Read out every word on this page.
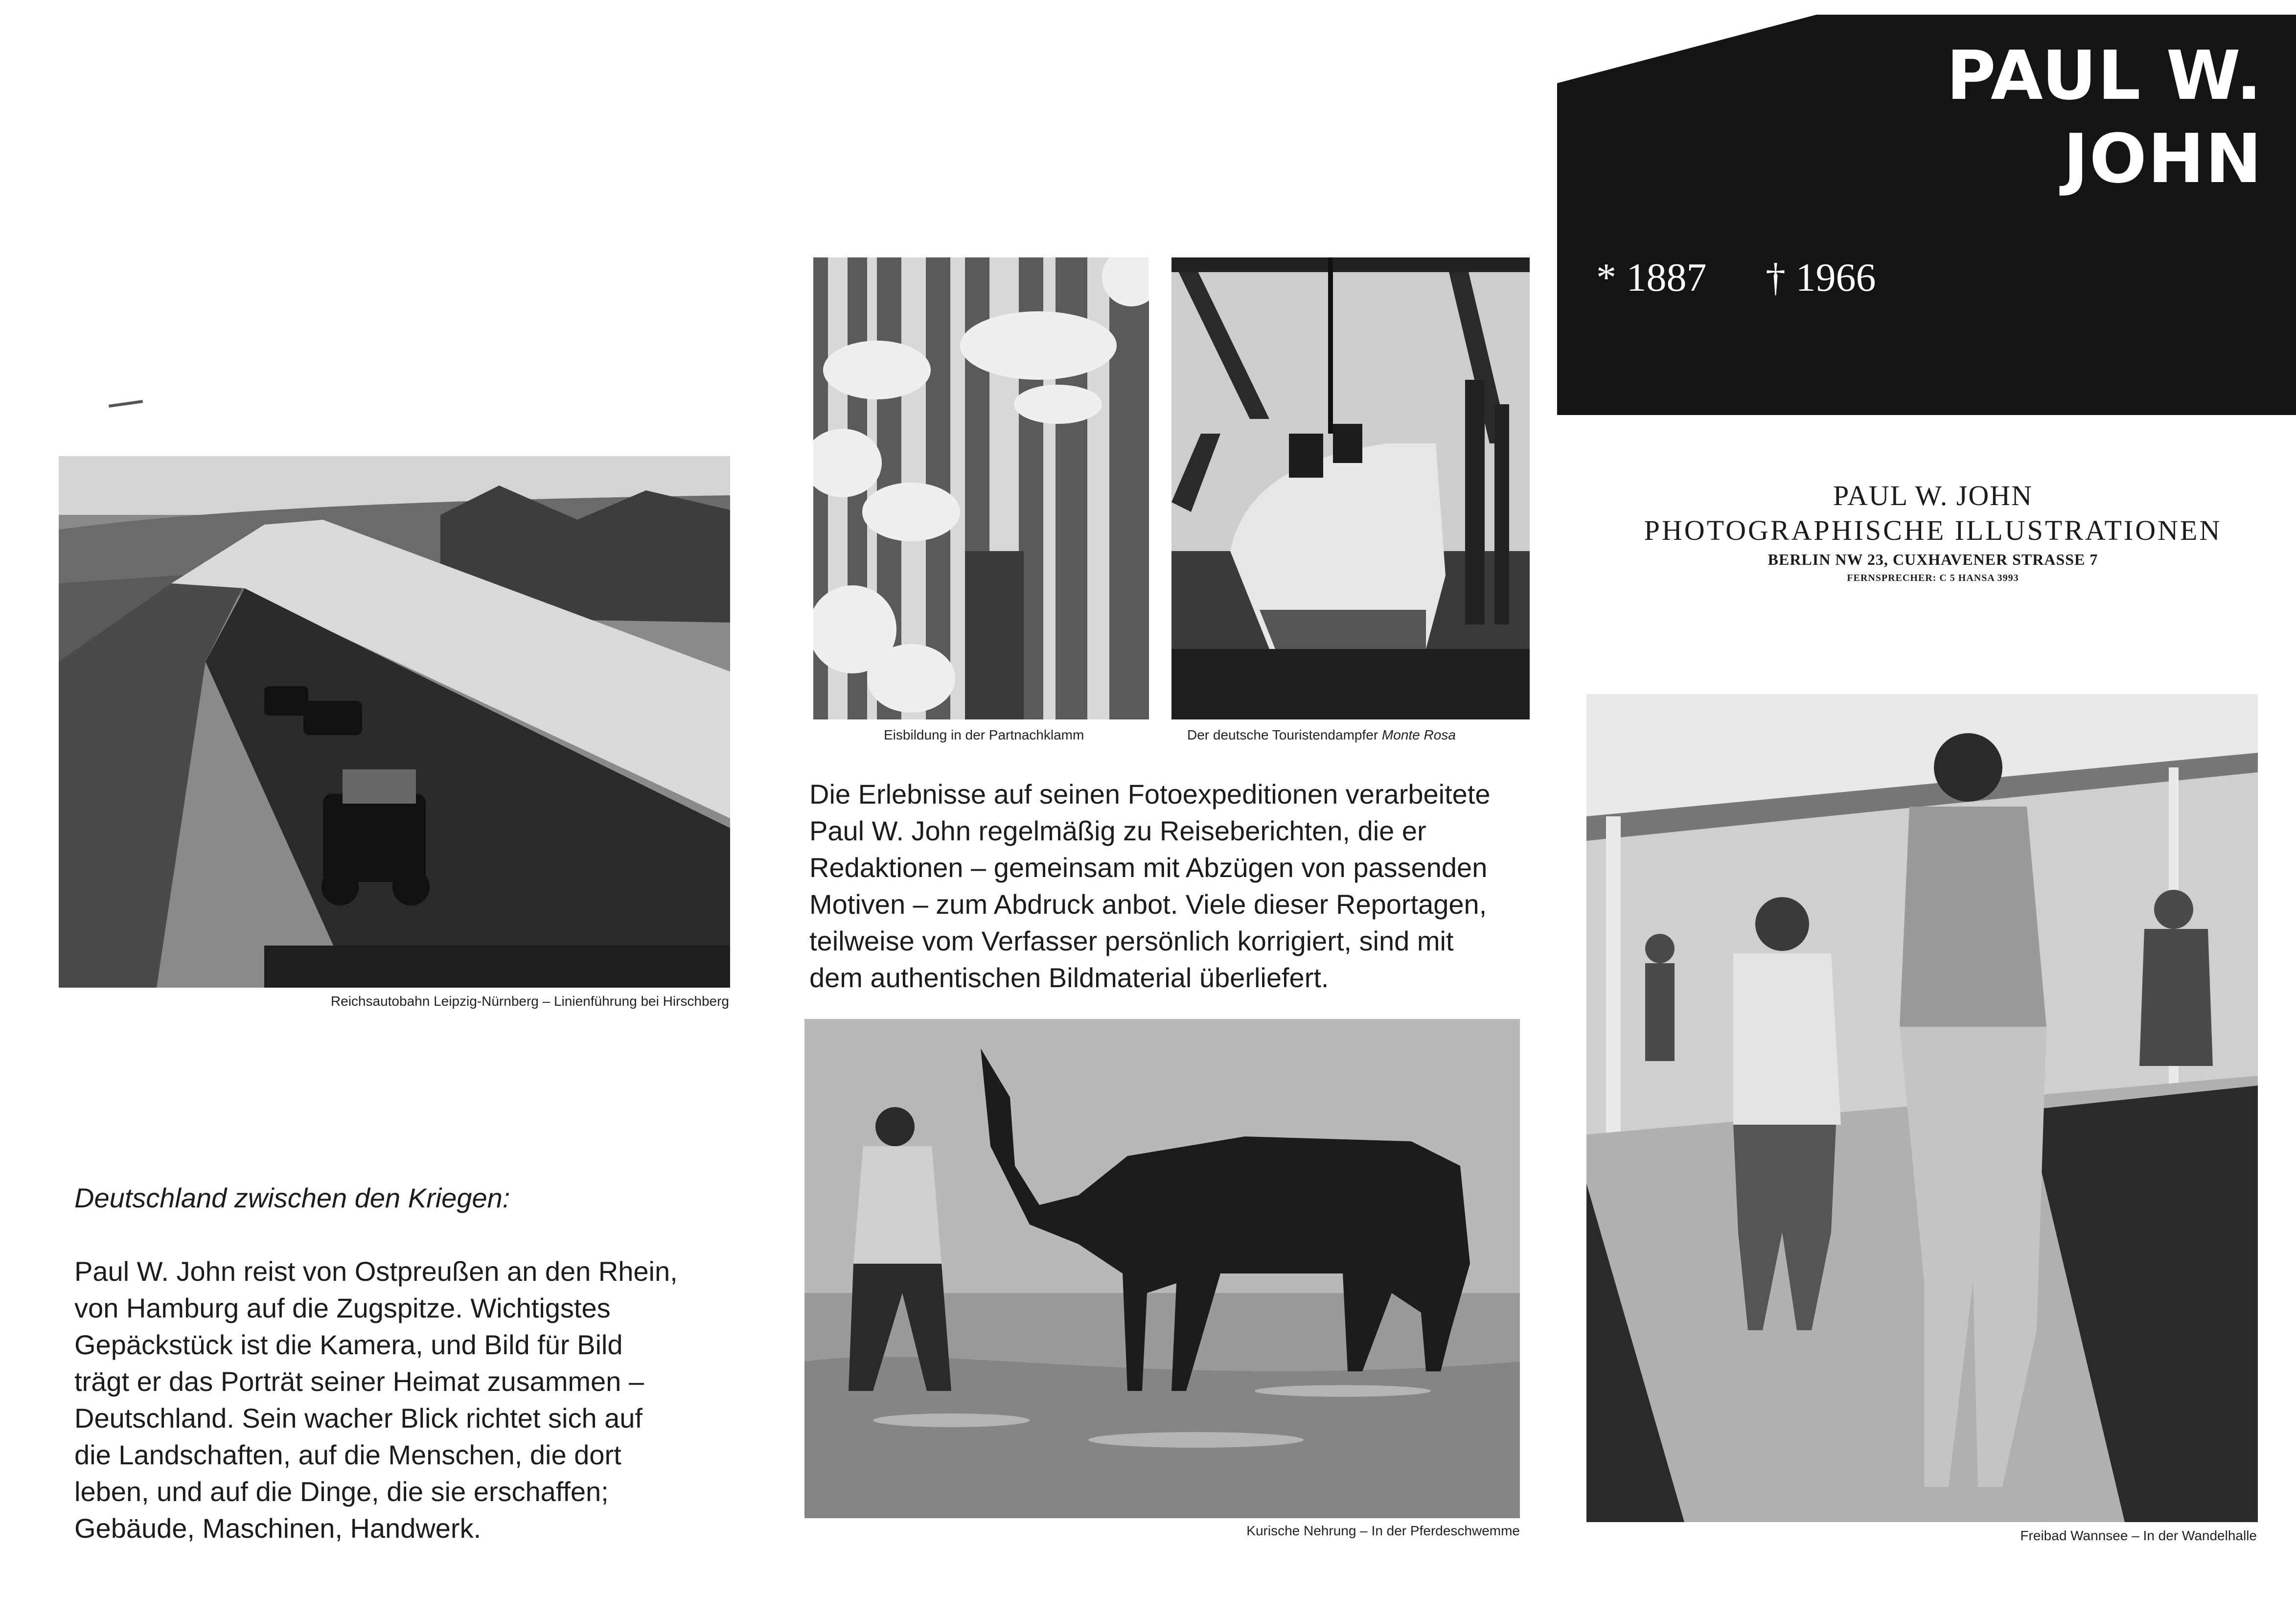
PAUL W.
JOHN
* 1887 † 1966
PAUL W. JOHN
PHOTOGRAPHISCHE ILLUSTRATIONEN
BERLIN NW 23, CUXHAVENER STRASSE 7
FERNSPRECHER: C 5 HANSA 3993
Reichsautobahn Leipzig-Nürnberg – Linienführung bei Hirschberg
Eisbildung in der Partnachklamm	Der deutsche Touristendampfer Monte Rosa
Die Erlebnisse auf seinen Fotoexpeditionen verarbeitete
Paul W. John regelmäßig zu Reiseberichten, die er
Redaktionen – gemeinsam mit Abzügen von passenden
Motiven – zum Abdruck anbot. Viele dieser Reportagen,
teilweise vom Verfasser persönlich korrigiert, sind mit
dem authentischen Bildmaterial überliefert.
Kurische Nehrung – In der Pferdeschwemme	Freibad Wannsee – In der Wandelhalle

Deutschland zwischen den Kriegen:

Paul W. John reist von Ostpreußen an den Rhein,
von Hamburg auf die Zugspitze. Wichtigstes
Gepäckstück ist die Kamera, und Bild für Bild
trägt er das Porträt seiner Heimat zusammen –
Deutschland. Sein wacher Blick richtet sich auf
die Landschaften, auf die Menschen, die dort
leben, und auf die Dinge, die sie erschaffen;
Gebäude, Maschinen, Handwerk.
